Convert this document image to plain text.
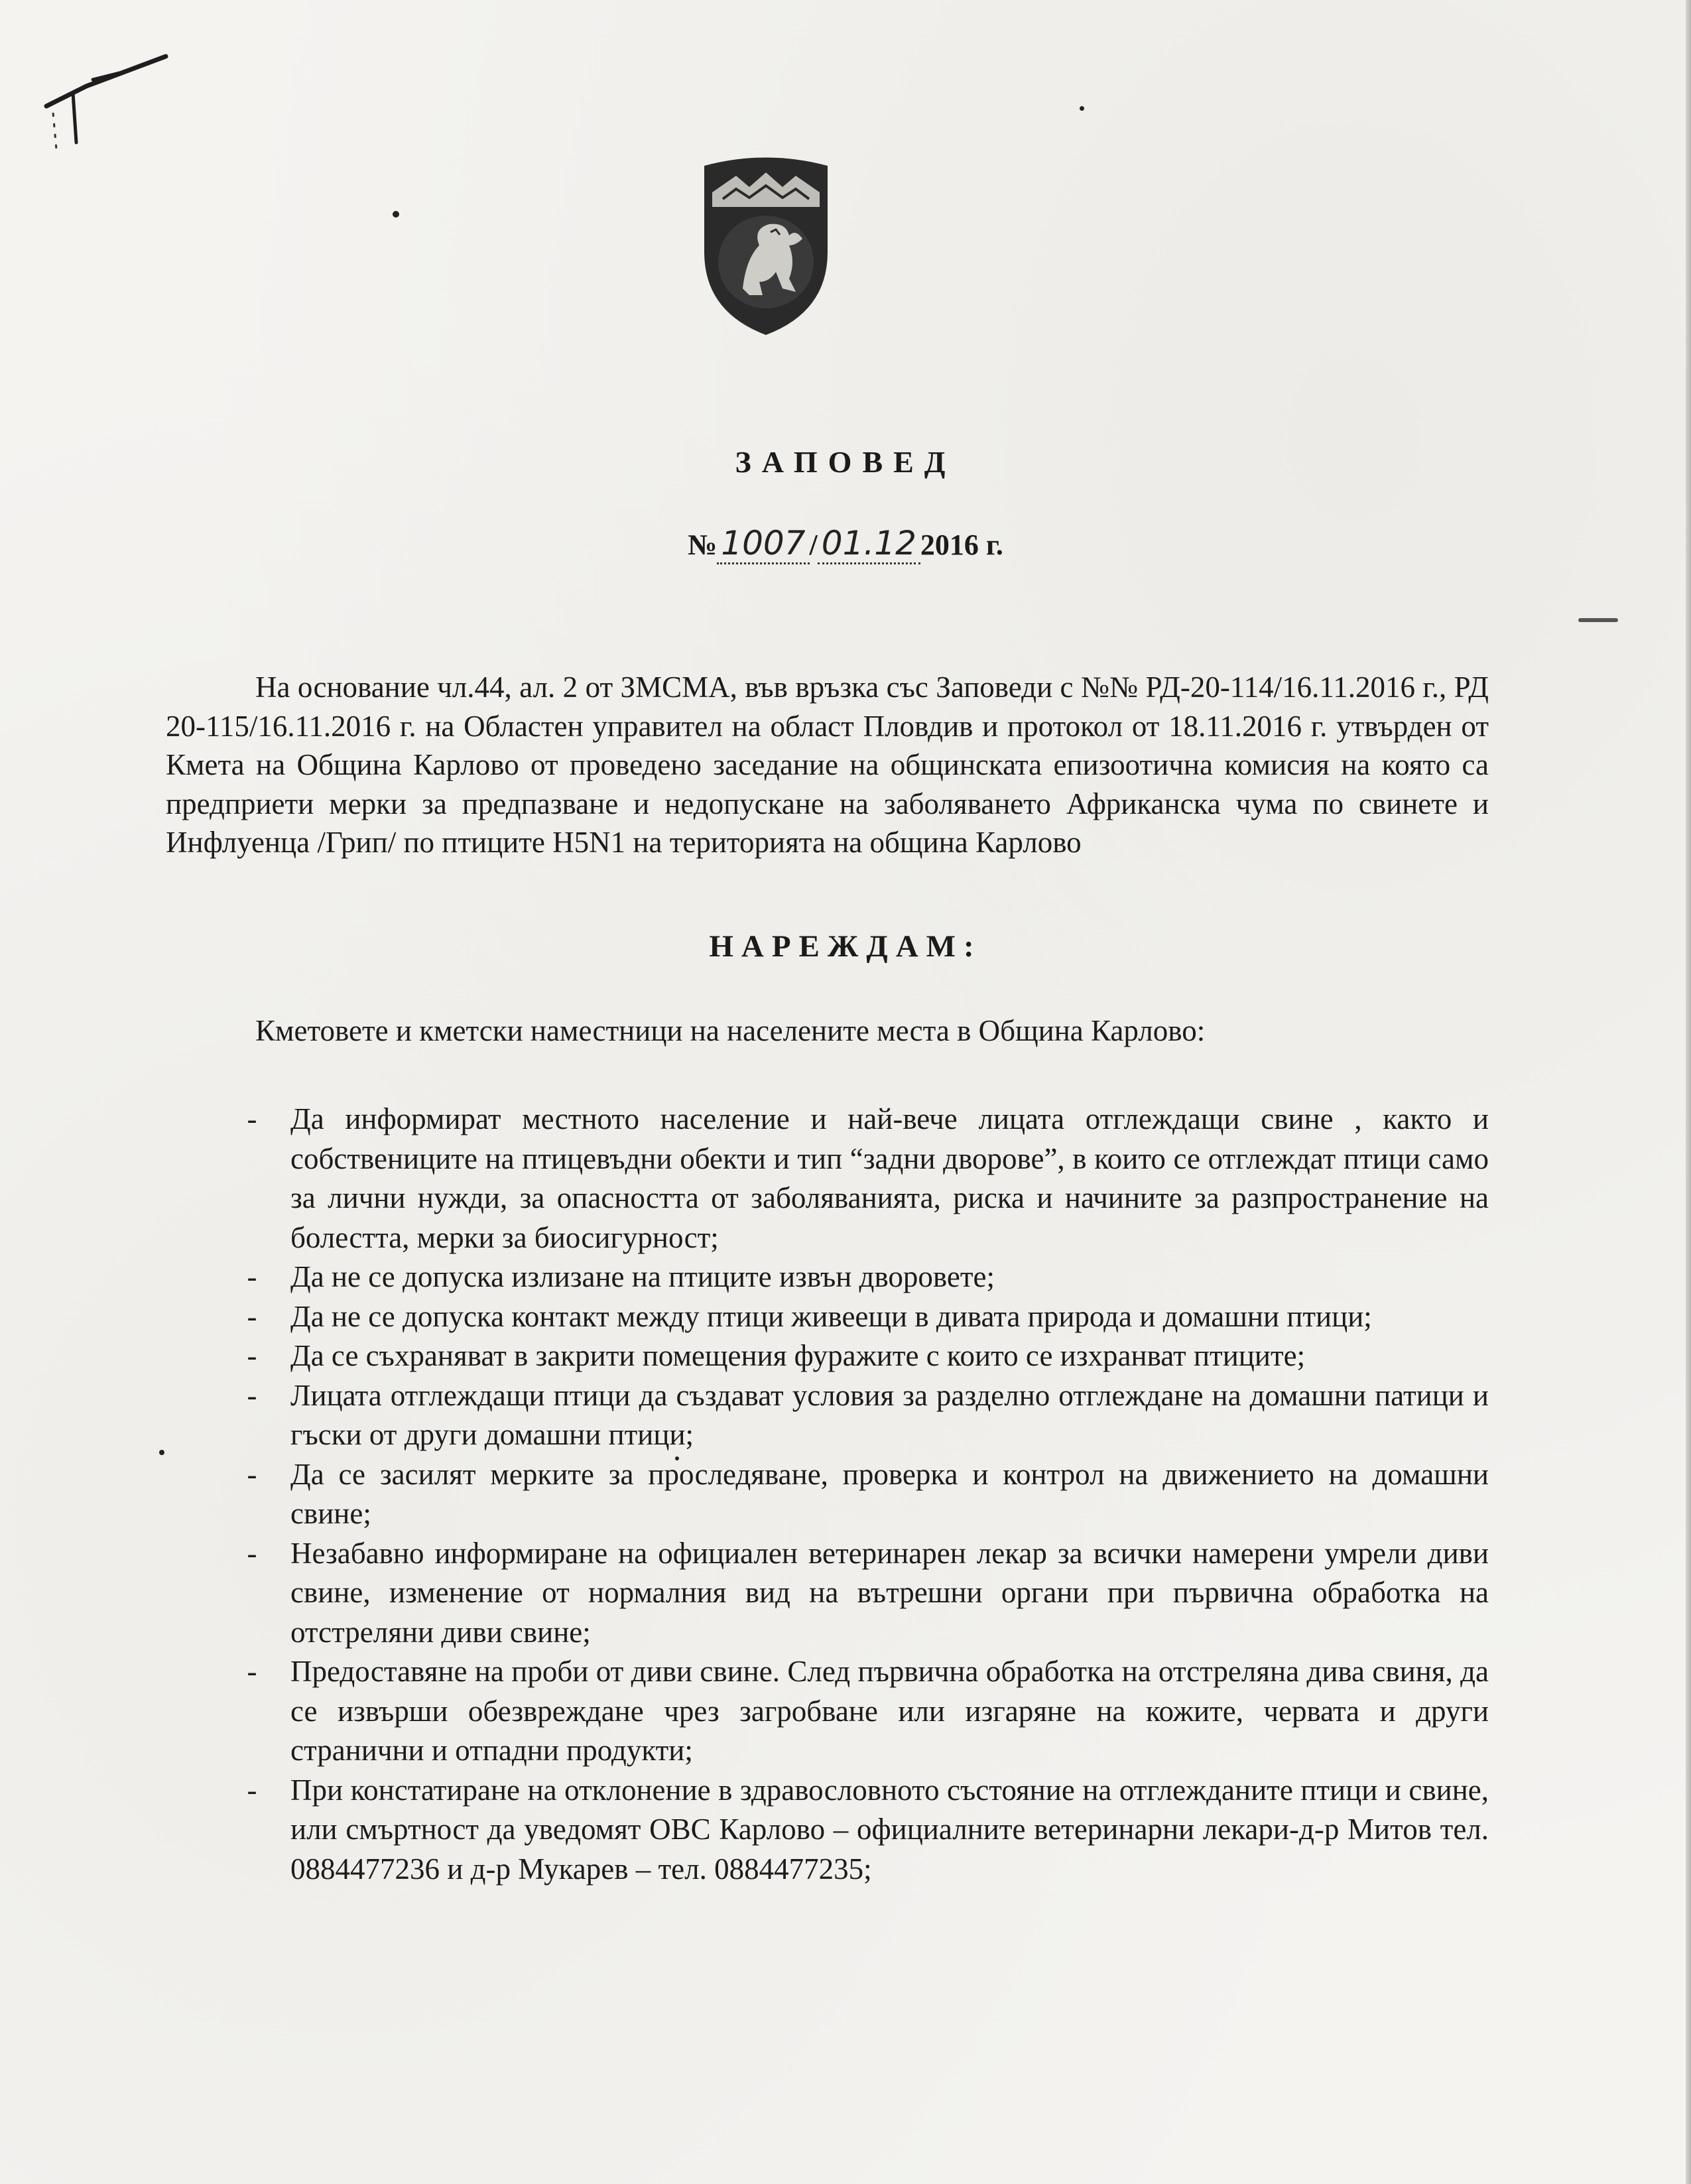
ЗАПОВЕД
№ 1007 / 01.12 2016 г.

На основание чл.44, ал. 2 от ЗМСМА, във връзка със Заповеди с №№ РД-20-114/16.11.2016 г., РД 20-115/16.11.2016 г. на Областен управител на област Пловдив и протокол от 18.11.2016 г. утвърден от Кмета на Община Карлово от проведено заседание на общинската епизоотична комисия на която са предприети мерки за предпазване и недопускане на заболяването Африканска чума по свинете и Инфлуенца /Грип/ по птиците H5N1 на територията на община Карлово

НАРЕЖДАМ:
Кметовете и кметски наместници на населените места в Община Карлово:
- Да информират местното население и най-вече лицата отглеждащи свине , както и собствениците на птицевъдни обекти и тип “задни дворове”, в които се отглеждат птици само за лични нужди, за опасността от заболяванията, риска и начините за разпространение на болестта, мерки за биосигурност;
- Да не се допуска излизане на птиците извън дворовете;
- Да не се допуска контакт между птици живеещи в дивата природа и домашни птици;
- Да се съхраняват в закрити помещения фуражите с които се изхранват птиците;
- Лицата отглеждащи птици да създават условия за разделно отглеждане на домашни патици и гъски от други домашни птици;
- Да се засилят мерките за проследяване, проверка и контрол на движението на домашни свине;
- Незабавно информиране на официален ветеринарен лекар за всички намерени умрели диви свине, изменение от нормалния вид на вътрешни органи при първична обработка на отстреляни диви свине;
- Предоставяне на проби от диви свине. След първична обработка на отстреляна дива свиня, да се извърши обезвреждане чрез загробване или изгаряне на кожите, червата и други странични и отпадни продукти;
- При констатиране на отклонение в здравословното състояние на отглежданите птици и свине, или смъртност да уведомят ОВС Карлово – официалните ветеринарни лекари-д-р Митов тел. 0884477236 и д-р Мукарев – тел. 0884477235;
